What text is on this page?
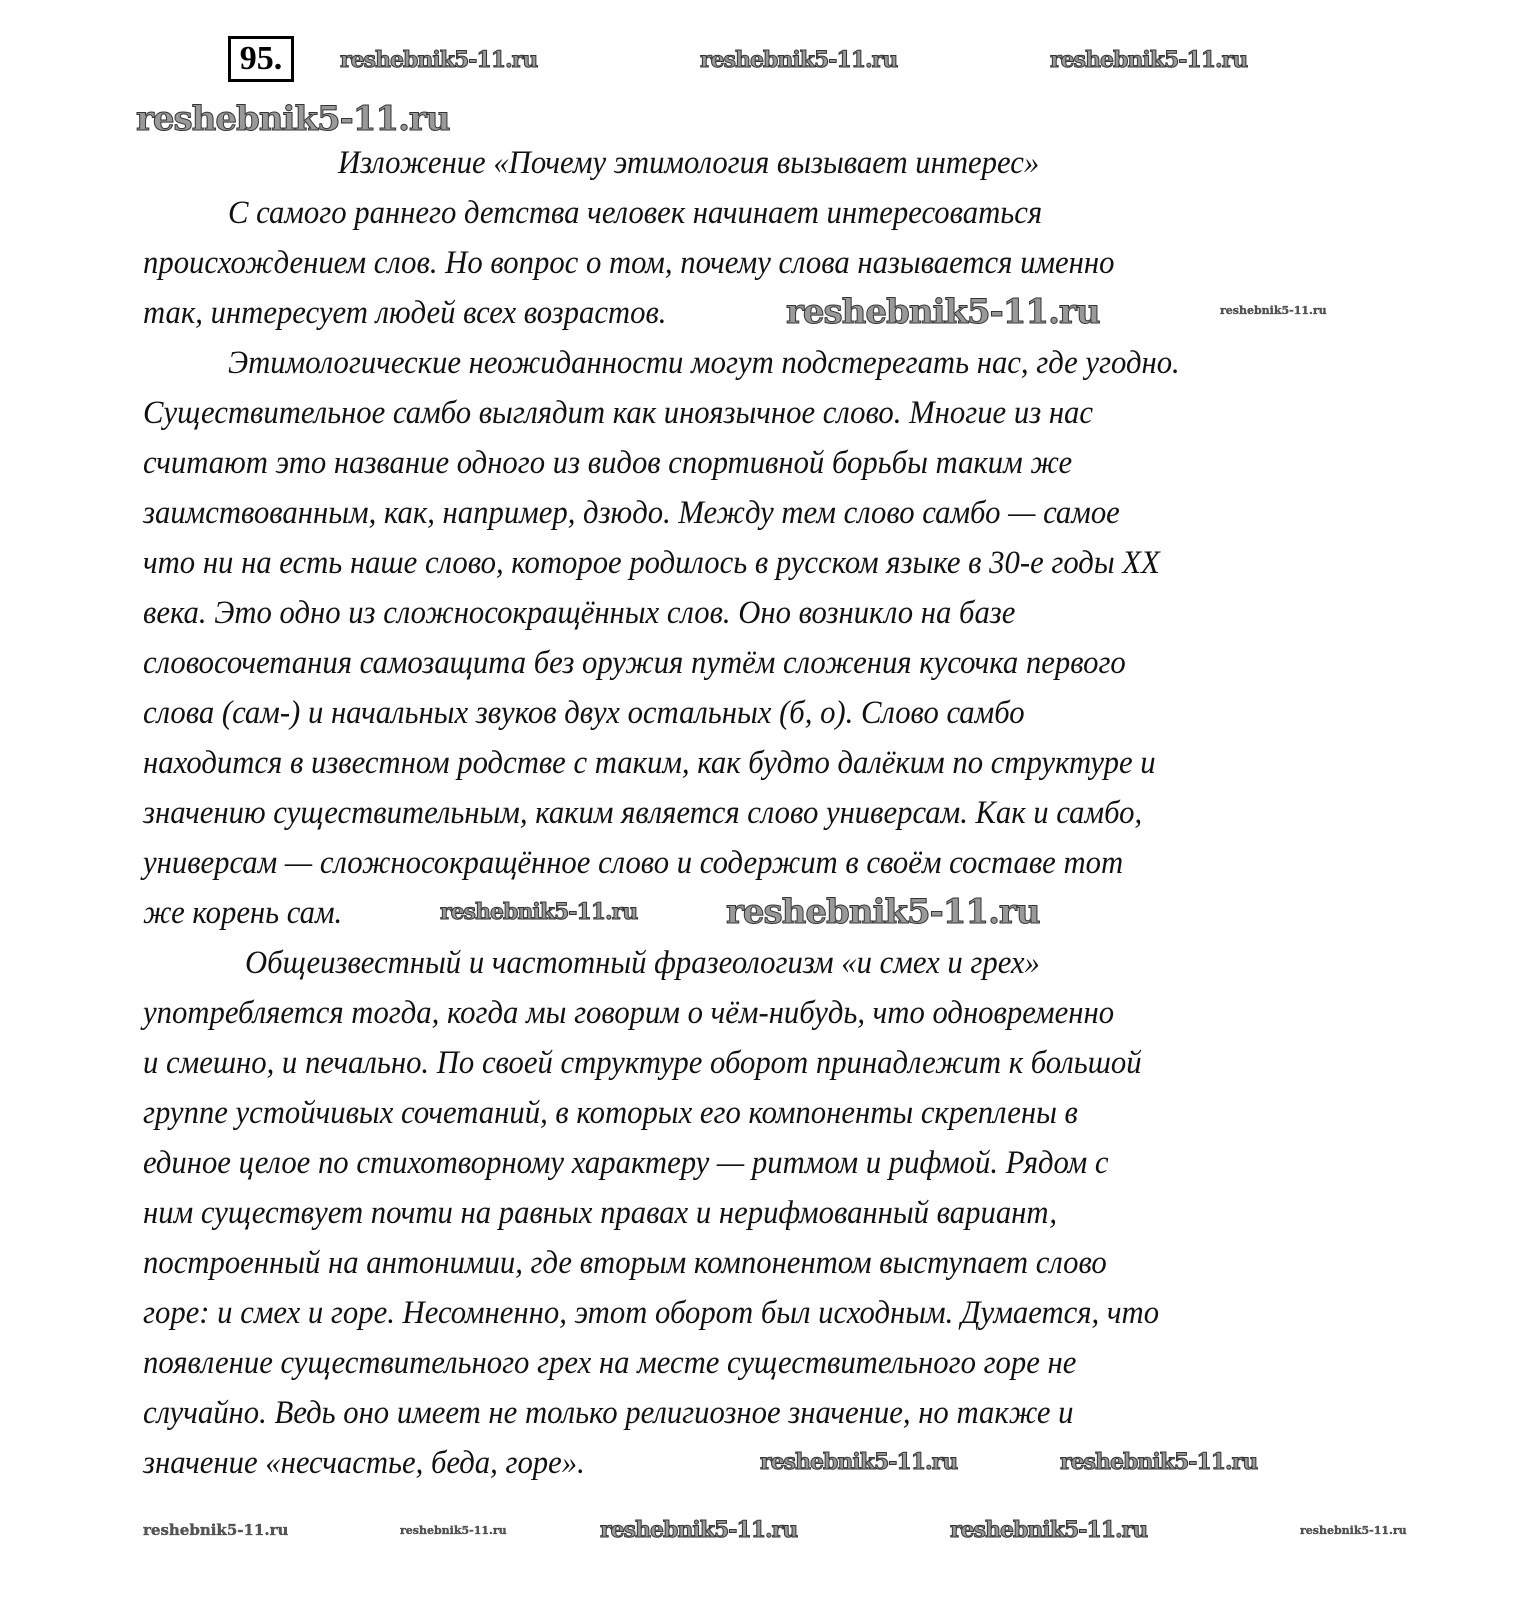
95.
Изложение «Почему этимология вызывает интерес»
С самого раннего детства человек начинает интересоваться
происхождением слов. Но вопрос о том, почему слова называется именно
так, интересует людей всех возрастов.
Этимологические неожиданности могут подстерегать нас, где угодно.
Существительное самбо выглядит как иноязычное слово. Многие из нас
считают это название одного из видов спортивной борьбы таким же
заимствованным, как, например, дзюдо. Между тем слово самбо — самое
что ни на есть наше слово, которое родилось в русском языке в 30-е годы XX
века. Это одно из сложносокращённых слов. Оно возникло на базе
словосочетания самозащита без оружия путём сложения кусочка первого
слова (сам-) и начальных звуков двух остальных (б, о). Слово самбо
находится в известном родстве с таким, как будто далёким по структуре и
значению существительным, каким является слово универсам. Как и самбо,
универсам — сложносокращённое слово и содержит в своём составе тот
же корень сам.
Общеизвестный и частотный фразеологизм «и смех и грех»
употребляется тогда, когда мы говорим о чём-нибудь, что одновременно
и смешно, и печально. По своей структуре оборот принадлежит к большой
группе устойчивых сочетаний, в которых его компоненты скреплены в
единое целое по стихотворному характеру — ритмом и рифмой. Рядом с
ним существует почти на равных правах и нерифмованный вариант,
построенный на антонимии, где вторым компонентом выступает слово
горе: и смех и горе. Несомненно, этот оборот был исходным. Думается, что
появление существительного грех на месте существительного горе не
случайно. Ведь оно имеет не только религиозное значение, но также и
значение «несчастье, беда, горе».
reshebnik5-11.ru
reshebnik5-11.ru
reshebnik5-11.ru
reshebnik5-11.ru
reshebnik5-11.ru	reshebnik5-11.ru
reshebnik5-11.ru	reshebnik5-11.ru
reshebnik5-11.ru	reshebnik5-11.ru
reshebnik5-11.ru	reshebnik5-11.ru	reshebnik5-11.ru	reshebnik5-11.ru	reshebnik5-11.ru
